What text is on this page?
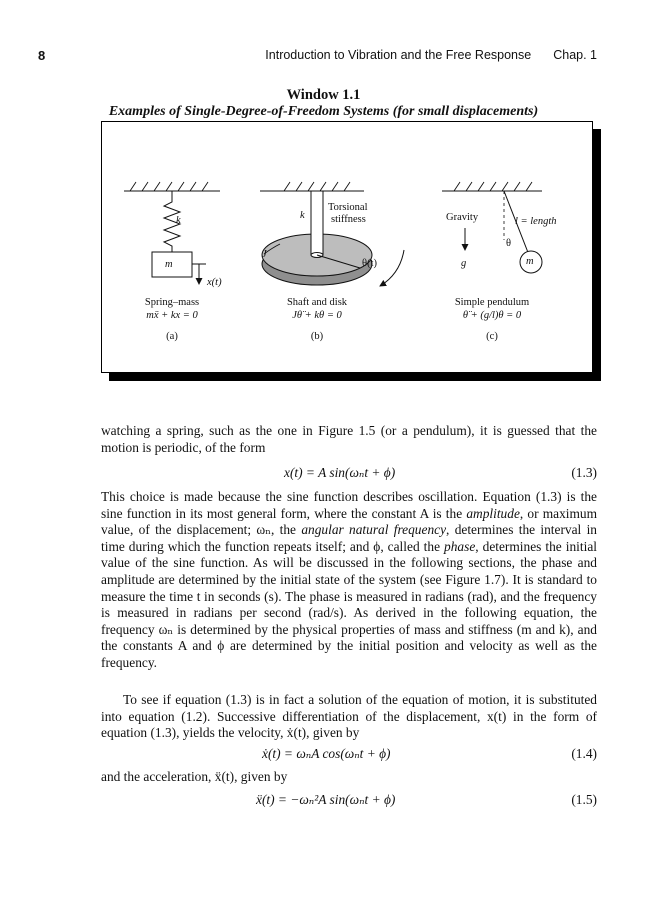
8	Introduction to Vibration and the Free Response Chap. 1
Window 1.1
Examples of Single-Degree-of-Freedom Systems (for small displacements)
k
m
x(t)
Spring–mass
mẍ + kx = 0
(a)
k
Torsional
stiffness
J
θ(t)
Shaft and disk
Jθ̈ + kθ = 0
(b)
Gravity
g
l = length
θ
m
Simple pendulum
θ̈ + (g/l)θ = 0
(c)

watching a spring, such as the one in Figure 1.5 (or a pendulum), it is guessed that the motion is periodic, of the form

x(t) = A sin(ωₙt + ϕ)	(1.3)

This choice is made because the sine function describes oscillation. Equation (1.3) is the sine function in its most general form, where the constant A is the amplitude, or maximum value, of the displacement; ωₙ, the angular natural frequency, determines the interval in time during which the function repeats itself; and ϕ, called the phase, determines the initial value of the sine function. As will be discussed in the following sections, the phase and amplitude are determined by the initial state of the system (see Figure 1.7). It is standard to measure the time t in seconds (s). The phase is measured in radians (rad), and the frequency is measured in radians per second (rad/s). As derived in the following equation, the frequency ωₙ is determined by the physical properties of mass and stiffness (m and k), and the constants A and ϕ are determined by the initial position and velocity as well as the frequency.

To see if equation (1.3) is in fact a solution of the equation of motion, it is substituted into equation (1.2). Successive differentiation of the displacement, x(t) in the form of equation (1.3), yields the velocity, ẋ(t), given by

ẋ(t) = ωₙA cos(ωₙt + ϕ)	(1.4)

and the acceleration, ẍ(t), given by

ẍ(t) = −ωₙ²A sin(ωₙt + ϕ)	(1.5)
